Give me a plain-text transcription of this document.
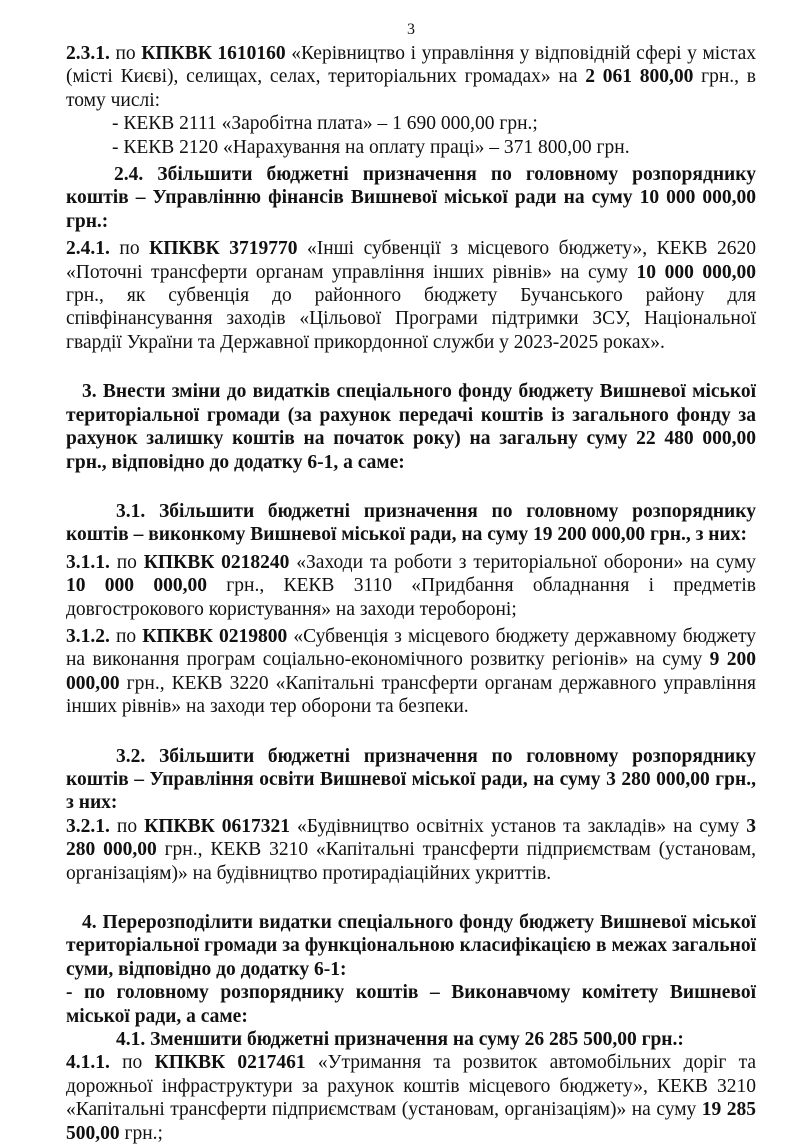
3

2.3.1. по КПКВК 1610160 «Керівництво і управління у відповідній сфері у містах (місті Києві), селищах, селах, територіальних громадах» на 2 061 800,00 грн., в тому числі:

- КЕКВ 2111 «Заробітна плата» – 1 690 000,00 грн.;

- КЕКВ 2120 «Нарахування на оплату праці» – 371 800,00 грн.

2.4. Збільшити бюджетні призначення по головному розпоряднику коштів – Управлінню фінансів Вишневої міської ради на суму 10 000 000,00 грн.:

2.4.1. по КПКВК 3719770 «Інші субвенції з місцевого бюджету», КЕКВ 2620 «Поточні трансферти органам управління інших рівнів» на суму 10 000 000,00 грн., як субвенція до районного бюджету Бучанського району для співфінансування заходів «Цільової Програми підтримки ЗСУ, Національної гвардії України та Державної прикордонної служби у 2023-2025 роках».

3. Внести зміни до видатків спеціального фонду бюджету Вишневої міської територіальної громади (за рахунок передачі коштів із загального фонду за рахунок залишку коштів на початок року) на загальну суму 22 480 000,00 грн., відповідно до додатку 6-1, а саме:

3.1. Збільшити бюджетні призначення по головному розпоряднику коштів – виконкому Вишневої міської ради, на суму 19 200 000,00 грн., з них:

3.1.1. по КПКВК 0218240 «Заходи та роботи з територіальної оборони» на суму 10 000 000,00 грн., КЕКВ 3110 «Придбання обладнання і предметів довгострокового користування» на заходи теробороні;

3.1.2. по КПКВК 0219800 «Субвенція з місцевого бюджету державному бюджету на виконання програм соціально-економічного розвитку регіонів» на суму 9 200 000,00 грн., КЕКВ 3220 «Капітальні трансферти органам державного управління інших рівнів» на заходи тер оборони та безпеки.

3.2. Збільшити бюджетні призначення по головному розпоряднику коштів – Управління освіти Вишневої міської ради, на суму 3 280 000,00 грн., з них:

3.2.1. по КПКВК 0617321 «Будівництво освітніх установ та закладів» на суму 3 280 000,00 грн., КЕКВ 3210 «Капітальні трансферти підприємствам (установам, організаціям)» на будівництво протирадіаційних укриттів.

4. Перерозподілити видатки спеціального фонду бюджету Вишневої міської територіальної громади за функціональною класифікацією в межах загальної суми, відповідно до додатку 6-1:

- по головному розпоряднику коштів – Виконавчому комітету Вишневої міської ради, а саме:

4.1. Зменшити бюджетні призначення на суму 26 285 500,00 грн.:

4.1.1. по КПКВК 0217461 «Утримання та розвиток автомобільних доріг та дорожньої інфраструктури за рахунок коштів місцевого бюджету», КЕКВ 3210 «Капітальні трансферти підприємствам (установам, організаціям)» на суму 19 285 500,00 грн.;
